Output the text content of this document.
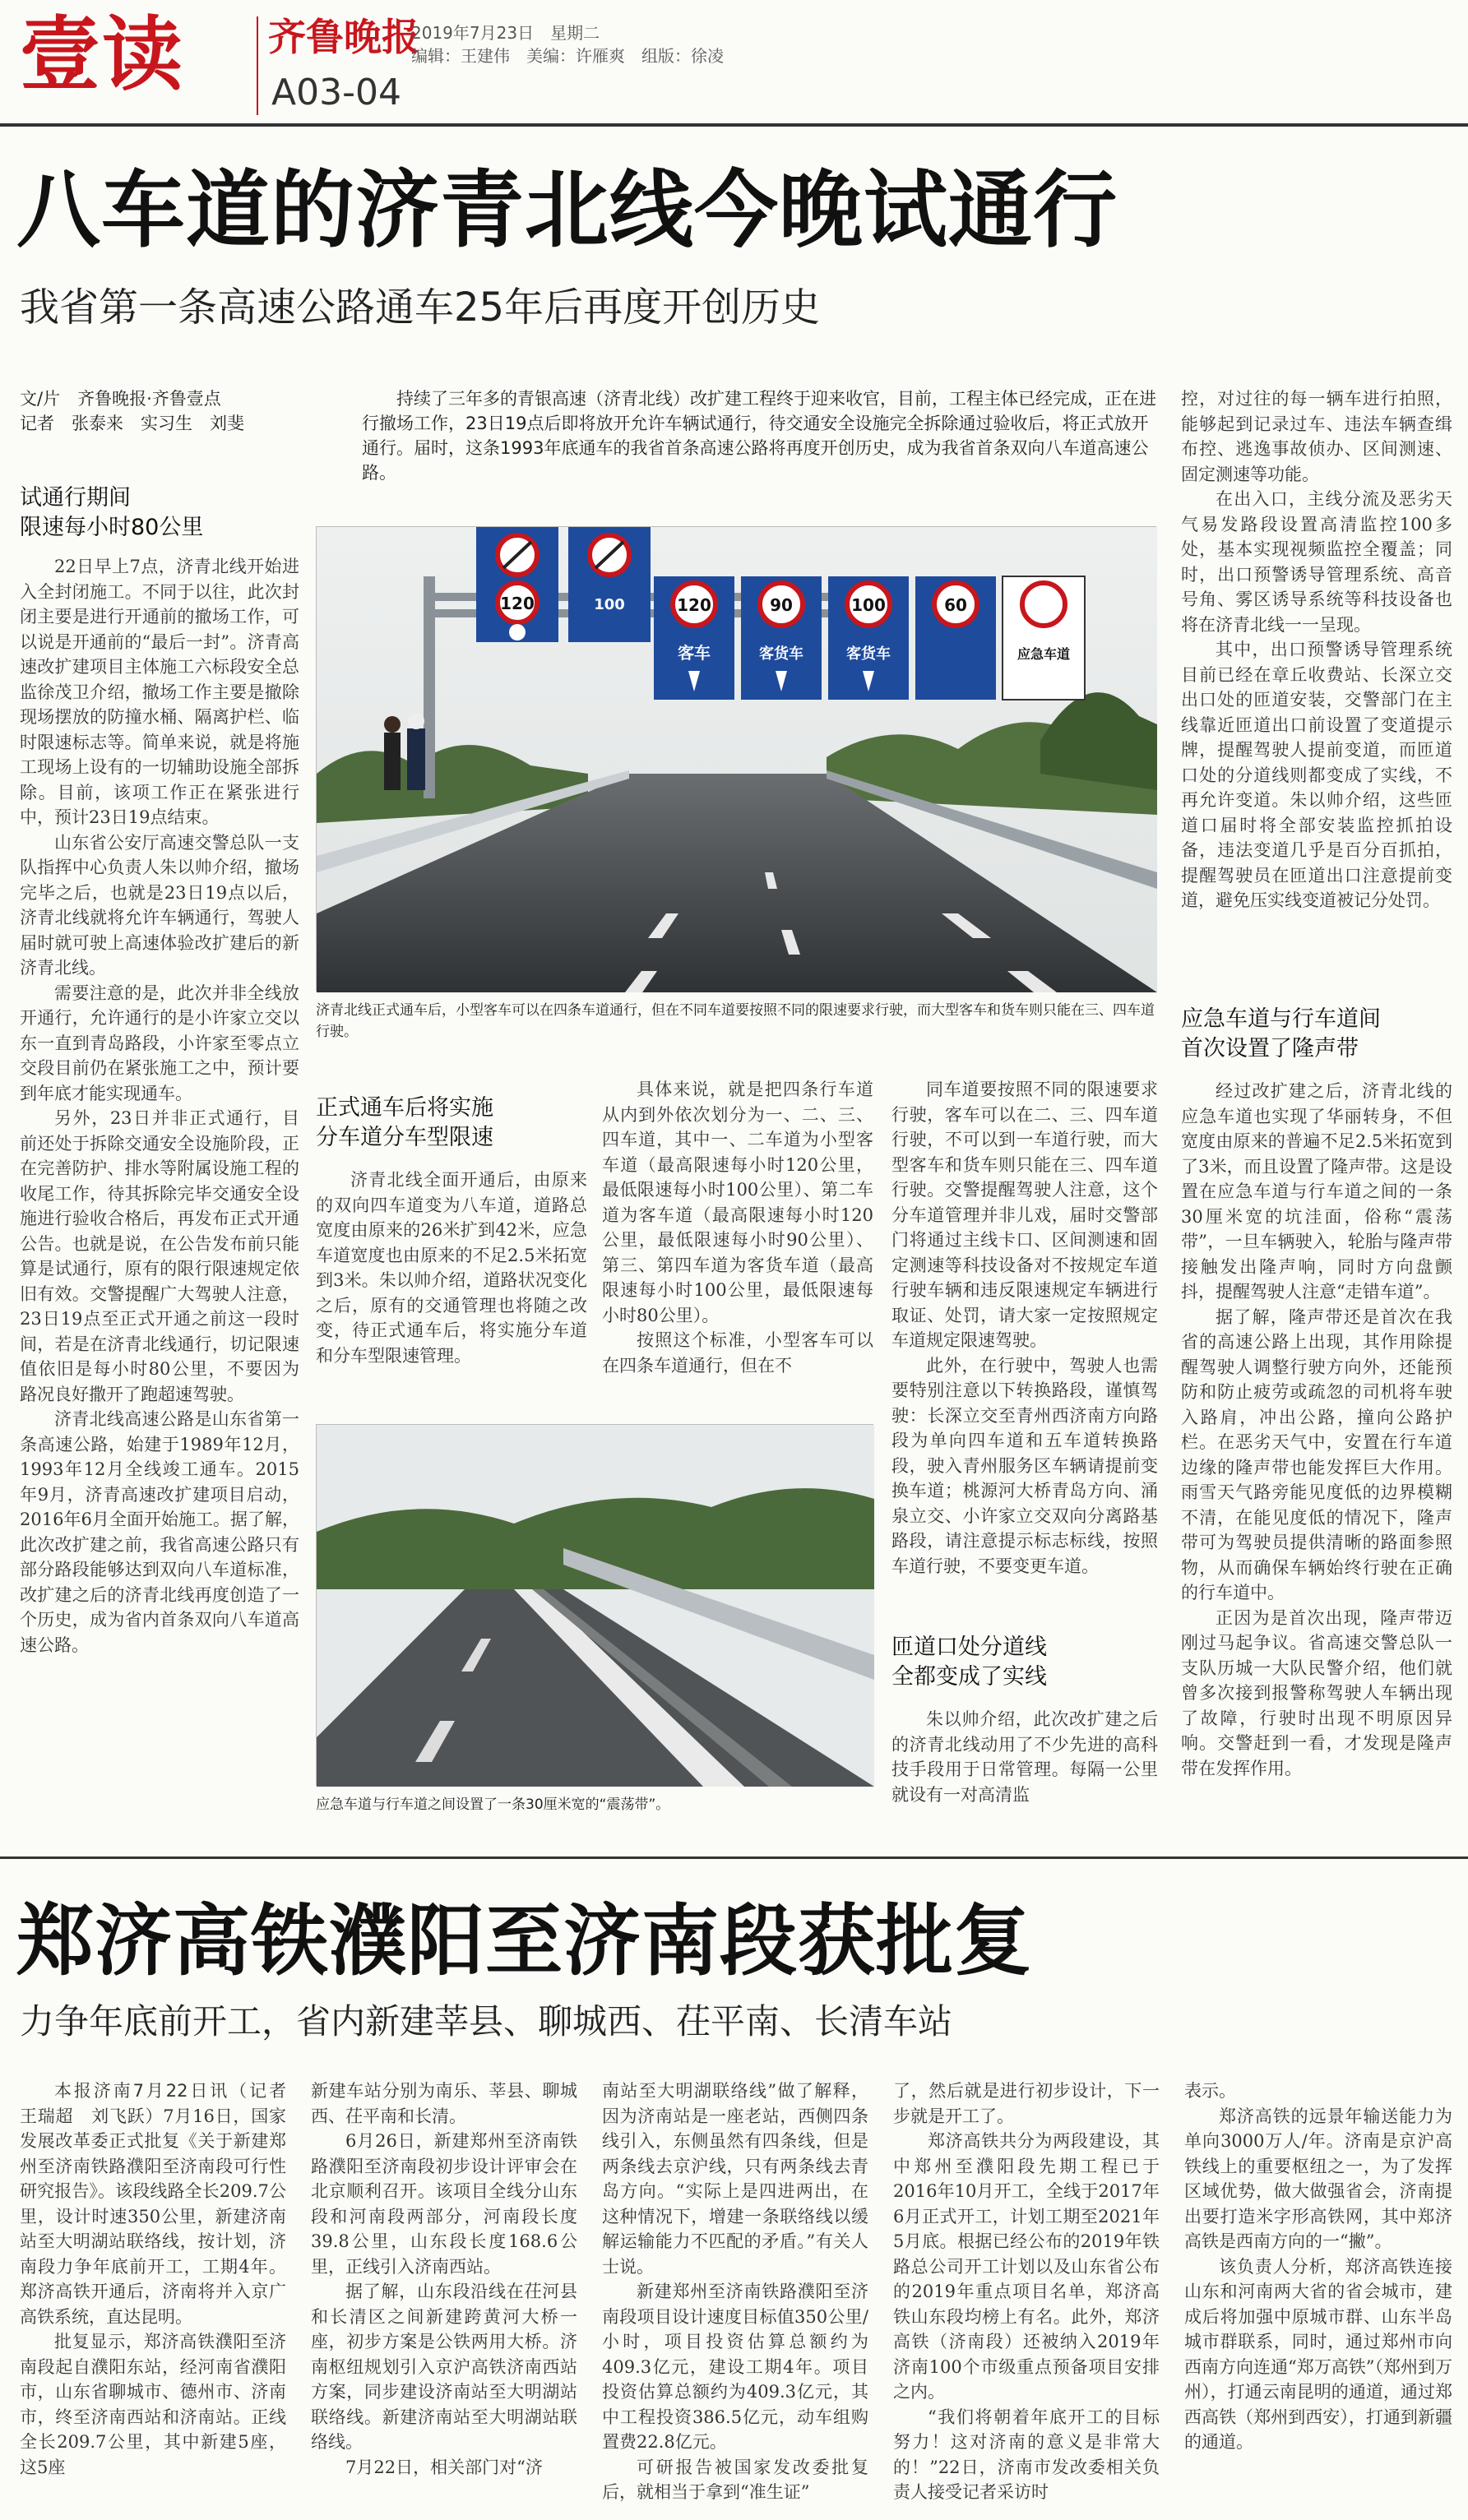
壹读 齐鲁晚报
A03-04
2019年7月23日　星期二
编辑：王建伟　美编：许雁爽　组版：徐凌
八车道的济青北线今晚试通行
我省第一条高速公路通车25年后再度开创历史
文/片　齐鲁晚报·齐鲁壹点
记者　张泰来　实习生　刘斐
持续了三年多的青银高速（济青北线）改扩建工程终于迎来收官，目前，工程主体已经完成，正在进行撤场工作，23日19点后即将放开允许车辆试通行，待交通安全设施完全拆除通过验收后，将正式放开通行。届时，这条1993年底通车的我省首条高速公路将再度开创历史，成为我省首条双向八车道高速公路。
试通行期间
限速每小时80公里

22日早上7点，济青北线开始进入全封闭施工。不同于以往，此次封闭主要是进行开通前的撤场工作，可以说是开通前的“最后一封”。济青高速改扩建项目主体施工六标段安全总监徐茂卫介绍，撤场工作主要是撤除现场摆放的防撞水桶、隔离护栏、临时限速标志等。简单来说，就是将施工现场上设有的一切辅助设施全部拆除。目前，该项工作正在紧张进行中，预计23日19点结束。

山东省公安厅高速交警总队一支队指挥中心负责人朱以帅介绍，撤场完毕之后，也就是23日19点以后，济青北线就将允许车辆通行，驾驶人届时就可驶上高速体验改扩建后的新济青北线。

需要注意的是，此次并非全线放开通行，允许通行的是小许家立交以东一直到青岛路段，小许家至零点立交段目前仍在紧张施工之中，预计要到年底才能实现通车。

另外，23日并非正式通行，目前还处于拆除交通安全设施阶段，正在完善防护、排水等附属设施工程的收尾工作，待其拆除完毕交通安全设施进行验收合格后，再发布正式开通公告。也就是说，在公告发布前只能算是试通行，原有的限行限速规定依旧有效。交警提醒广大驾驶人注意，23日19点至正式开通之前这一段时间，若是在济青北线通行，切记限速值依旧是每小时80公里，不要因为路况良好撒开了跑超速驾驶。

济青北线高速公路是山东省第一条高速公路，始建于1989年12月，1993年12月全线竣工通车。2015年9月，济青高速改扩建项目启动，2016年6月全面开始施工。据了解，此次改扩建之前，我省高速公路只有部分路段能够达到双向八车道标准，改扩建之后的济青北线再度创造了一个历史，成为省内首条双向八车道高速公路。

120	100	120
客车
90
客货车
100
客货车
60
应急车道
济青北线正式通车后，小型客车可以在四条车道通行，但在不同车道要按照不同的限速要求行驶，而大型客车和货车则只能在三、四车道行驶。
正式通车后将实施
分车道分车型限速

济青北线全面开通后，由原来的双向四车道变为八车道，道路总宽度由原来的26米扩到42米，应急车道宽度也由原来的不足2.5米拓宽到3米。朱以帅介绍，道路状况变化之后，原有的交通管理也将随之改变，待正式通车后，将实施分车道和分车型限速管理。

具体来说，就是把四条行车道从内到外依次划分为一、二、三、四车道，其中一、二车道为小型客车道（最高限速每小时120公里，最低限速每小时100公里）、第二车道为客车道（最高限速每小时120公里，最低限速每小时90公里）、第三、第四车道为客货车道（最高限速每小时100公里，最低限速每小时80公里）。

按照这个标准，小型客车可以在四条车道通行，但在不

应急车道与行车道之间设置了一条30厘米宽的“震荡带”。

同车道要按照不同的限速要求行驶，客车可以在二、三、四车道行驶，不可以到一车道行驶，而大型客车和货车则只能在三、四车道行驶。交警提醒驾驶人注意，这个分车道管理并非儿戏，届时交警部门将通过主线卡口、区间测速和固定测速等科技设备对不按规定车道行驶车辆和违反限速规定车辆进行取证、处罚，请大家一定按照规定车道规定限速驾驶。

此外，在行驶中，驾驶人也需要特别注意以下转换路段，谨慎驾驶：长深立交至青州西济南方向路段为单向四车道和五车道转换路段，驶入青州服务区车辆请提前变换车道；桃源河大桥青岛方向、涌泉立交、小许家立交双向分离路基路段，请注意提示标志标线，按照车道行驶，不要变更车道。

匝道口处分道线
全都变成了实线

朱以帅介绍，此次改扩建之后的济青北线动用了不少先进的高科技手段用于日常管理。每隔一公里就设有一对高清监

控，对过往的每一辆车进行拍照，能够起到记录过车、违法车辆查缉布控、逃逸事故侦办、区间测速、固定测速等功能。

在出入口，主线分流及恶劣天气易发路段设置高清监控100多处，基本实现视频监控全覆盖；同时，出口预警诱导管理系统、高音号角、雾区诱导系统等科技设备也将在济青北线一一呈现。

其中，出口预警诱导管理系统目前已经在章丘收费站、长深立交出口处的匝道安装，交警部门在主线靠近匝道出口前设置了变道提示牌，提醒驾驶人提前变道，而匝道口处的分道线则都变成了实线，不再允许变道。朱以帅介绍，这些匝道口届时将全部安装监控抓拍设备，违法变道几乎是百分百抓拍，提醒驾驶员在匝道出口注意提前变道，避免压实线变道被记分处罚。

应急车道与行车道间
首次设置了隆声带

经过改扩建之后，济青北线的应急车道也实现了华丽转身，不但宽度由原来的普遍不足2.5米拓宽到了3米，而且设置了隆声带。这是设置在应急车道与行车道之间的一条30厘米宽的坑洼面，俗称“震荡带”，一旦车辆驶入，轮胎与隆声带接触发出隆声响，同时方向盘颤抖，提醒驾驶人注意“走错车道”。

据了解，隆声带还是首次在我省的高速公路上出现，其作用除提醒驾驶人调整行驶方向外，还能预防和防止疲劳或疏忽的司机将车驶入路肩，冲出公路，撞向公路护栏。在恶劣天气中，安置在行车道边缘的隆声带也能发挥巨大作用。雨雪天气路旁能见度低的边界模糊不清，在能见度低的情况下，隆声带可为驾驶员提供清晰的路面参照物，从而确保车辆始终行驶在正确的行车道中。

正因为是首次出现，隆声带迈刚过马起争议。省高速交警总队一支队历城一大队民警介绍，他们就曾多次接到报警称驾驶人车辆出现了故障，行驶时出现不明原因异响。交警赶到一看，才发现是隆声带在发挥作用。

郑济高铁濮阳至济南段获批复
力争年底前开工，省内新建莘县、聊城西、茌平南、长清车站

本报济南7月22日讯（记者　王瑞超　刘飞跃）7月16日，国家发展改革委正式批复《关于新建郑州至济南铁路濮阳至济南段可行性研究报告》。该段线路全长209.7公里，设计时速350公里，新建济南站至大明湖站联络线，按计划，济南段力争年底前开工，工期4年。郑济高铁开通后，济南将并入京广高铁系统，直达昆明。

批复显示，郑济高铁濮阳至济南段起自濮阳东站，经河南省濮阳市，山东省聊城市、德州市、济南市，终至济南西站和济南站。正线全长209.7公里，其中新建5座，这5座

新建车站分别为南乐、莘县、聊城西、茌平南和长清。

6月26日，新建郑州至济南铁路濮阳至济南段初步设计评审会在北京顺利召开。该项目全线分山东段和河南段两部分，河南段长度39.8公里，山东段长度168.6公里，正线引入济南西站。

据了解，山东段沿线在茌河县和长清区之间新建跨黄河大桥一座，初步方案是公铁两用大桥。济南枢纽规划引入京沪高铁济南西站方案，同步建设济南站至大明湖站联络线。新建济南站至大明湖站联络线。

7月22日，相关部门对“济

南站至大明湖联络线”做了解释，因为济南站是一座老站，西侧四条线引入，东侧虽然有四条线，但是两条线去京沪线，只有两条线去青岛方向。“实际上是四进两出，在这种情况下，增建一条联络线以缓解运输能力不匹配的矛盾。”有关人士说。

新建郑州至济南铁路濮阳至济南段项目设计速度目标值350公里/小时，项目投资估算总额约为409.3亿元，建设工期4年。项目投资估算总额约为409.3亿元，其中工程投资386.5亿元，动车组购置费22.8亿元。

可研报告被国家发改委批复后，就相当于拿到“准生证”

了，然后就是进行初步设计，下一步就是开工了。

郑济高铁共分为两段建设，其中郑州至濮阳段先期工程已于2016年10月开工，全线于2017年6月正式开工，计划工期至2021年5月底。根据已经公布的2019年铁路总公司开工计划以及山东省公布的2019年重点项目名单，郑济高铁山东段均榜上有名。此外，郑济高铁（济南段）还被纳入2019年济南100个市级重点预备项目安排之内。

“我们将朝着年底开工的目标努力！这对济南的意义是非常大的！”22日，济南市发改委相关负责人接受记者采访时

表示。

郑济高铁的远景年输送能力为单向3000万人/年。济南是京沪高铁线上的重要枢纽之一，为了发挥区域优势，做大做强省会，济南提出要打造米字形高铁网，其中郑济高铁是西南方向的一“撇”。

该负责人分析，郑济高铁连接山东和河南两大省的省会城市，建成后将加强中原城市群、山东半岛城市群联系，同时，通过郑州市向西南方向连通“郑万高铁”（郑州到万州），打通云南昆明的通道，通过郑西高铁（郑州到西安），打通到新疆的通道。
